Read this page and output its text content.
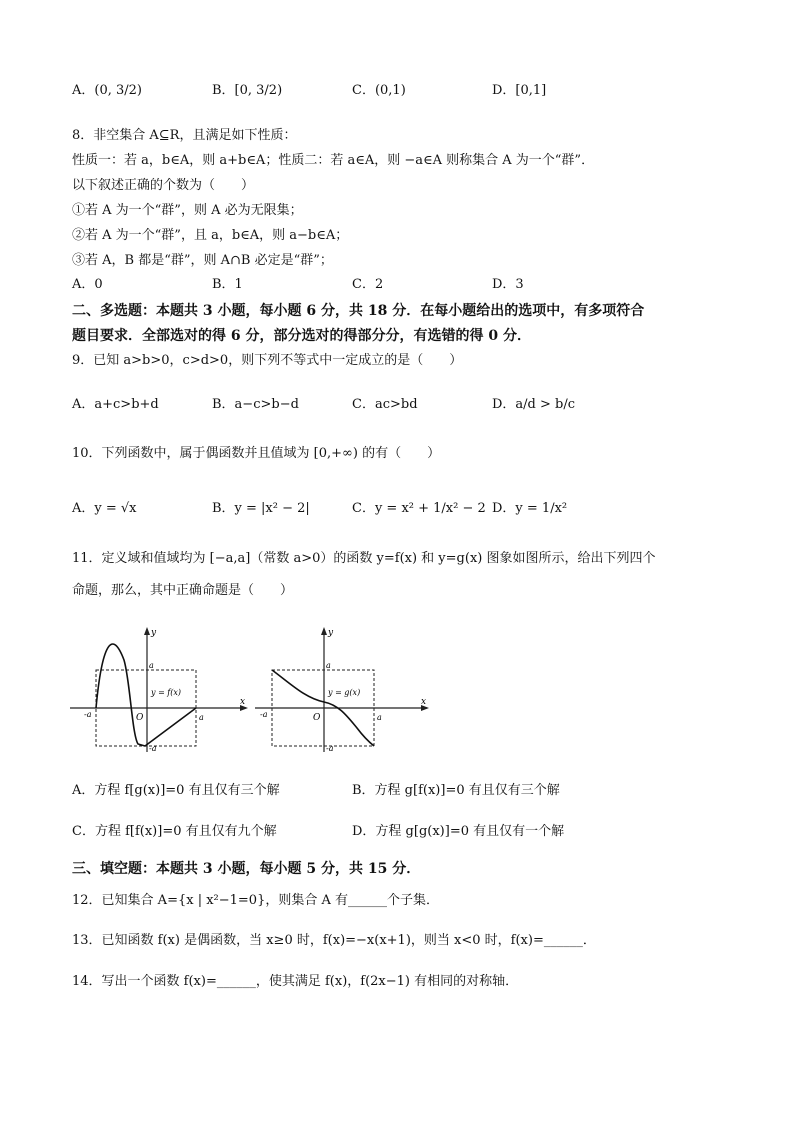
A．(0, 3/2)	B．[0, 3/2)	C．(0,1)	D．[0,1]
8．非空集合 A⊆R，且满足如下性质：
性质一：若 a，b∈A，则 a+b∈A；性质二：若 a∈A，则 −a∈A 则称集合 A 为一个“群”．
以下叙述正确的个数为（　　）
①若 A 为一个“群”，则 A 必为无限集；
②若 A 为一个“群”，且 a，b∈A，则 a−b∈A；
③若 A，B 都是“群”，则 A∩B 必定是“群”；
A．0	B．1	C．2	D．3
二、多选题：本题共 3 小题，每小题 6 分，共 18 分．在每小题给出的选项中，有多项符合
题目要求．全部选对的得 6 分，部分选对的得部分分，有选错的得 0 分．
9．已知 a>b>0，c>d>0，则下列不等式中一定成立的是（　　）
A．a+c>b+d	B．a−c>b−d	C．ac>bd	D．a/d > b/c
10．下列函数中，属于偶函数并且值域为 [0,+∞) 的有（　　）
A．y = √x	B．y = |x² − 2|	C．y = x² + 1/x² − 2 D．y = 1/x²
11．定义域和值域均为 [−a,a]（常数 a>0）的函数 y=f(x) 和 y=g(x) 图象如图所示，给出下列四个
命题，那么，其中正确命题是（　　）
x
y
y = f(x)
O
a
a
-a
-a
x
y
y = g(x)
O
a
a
-a
-a
A．方程 f[g(x)]=0 有且仅有三个解	B．方程 g[f(x)]=0 有且仅有三个解
C．方程 f[f(x)]=0 有且仅有九个解	D．方程 g[g(x)]=0 有且仅有一个解
三、填空题：本题共 3 小题，每小题 5 分，共 15 分．
12．已知集合 A={x | x²−1=0}，则集合 A 有______个子集．
13．已知函数 f(x) 是偶函数，当 x≥0 时，f(x)=−x(x+1)，则当 x<0 时，f(x)=______．
14．写出一个函数 f(x)=______，使其满足 f(x)，f(2x−1) 有相同的对称轴．
